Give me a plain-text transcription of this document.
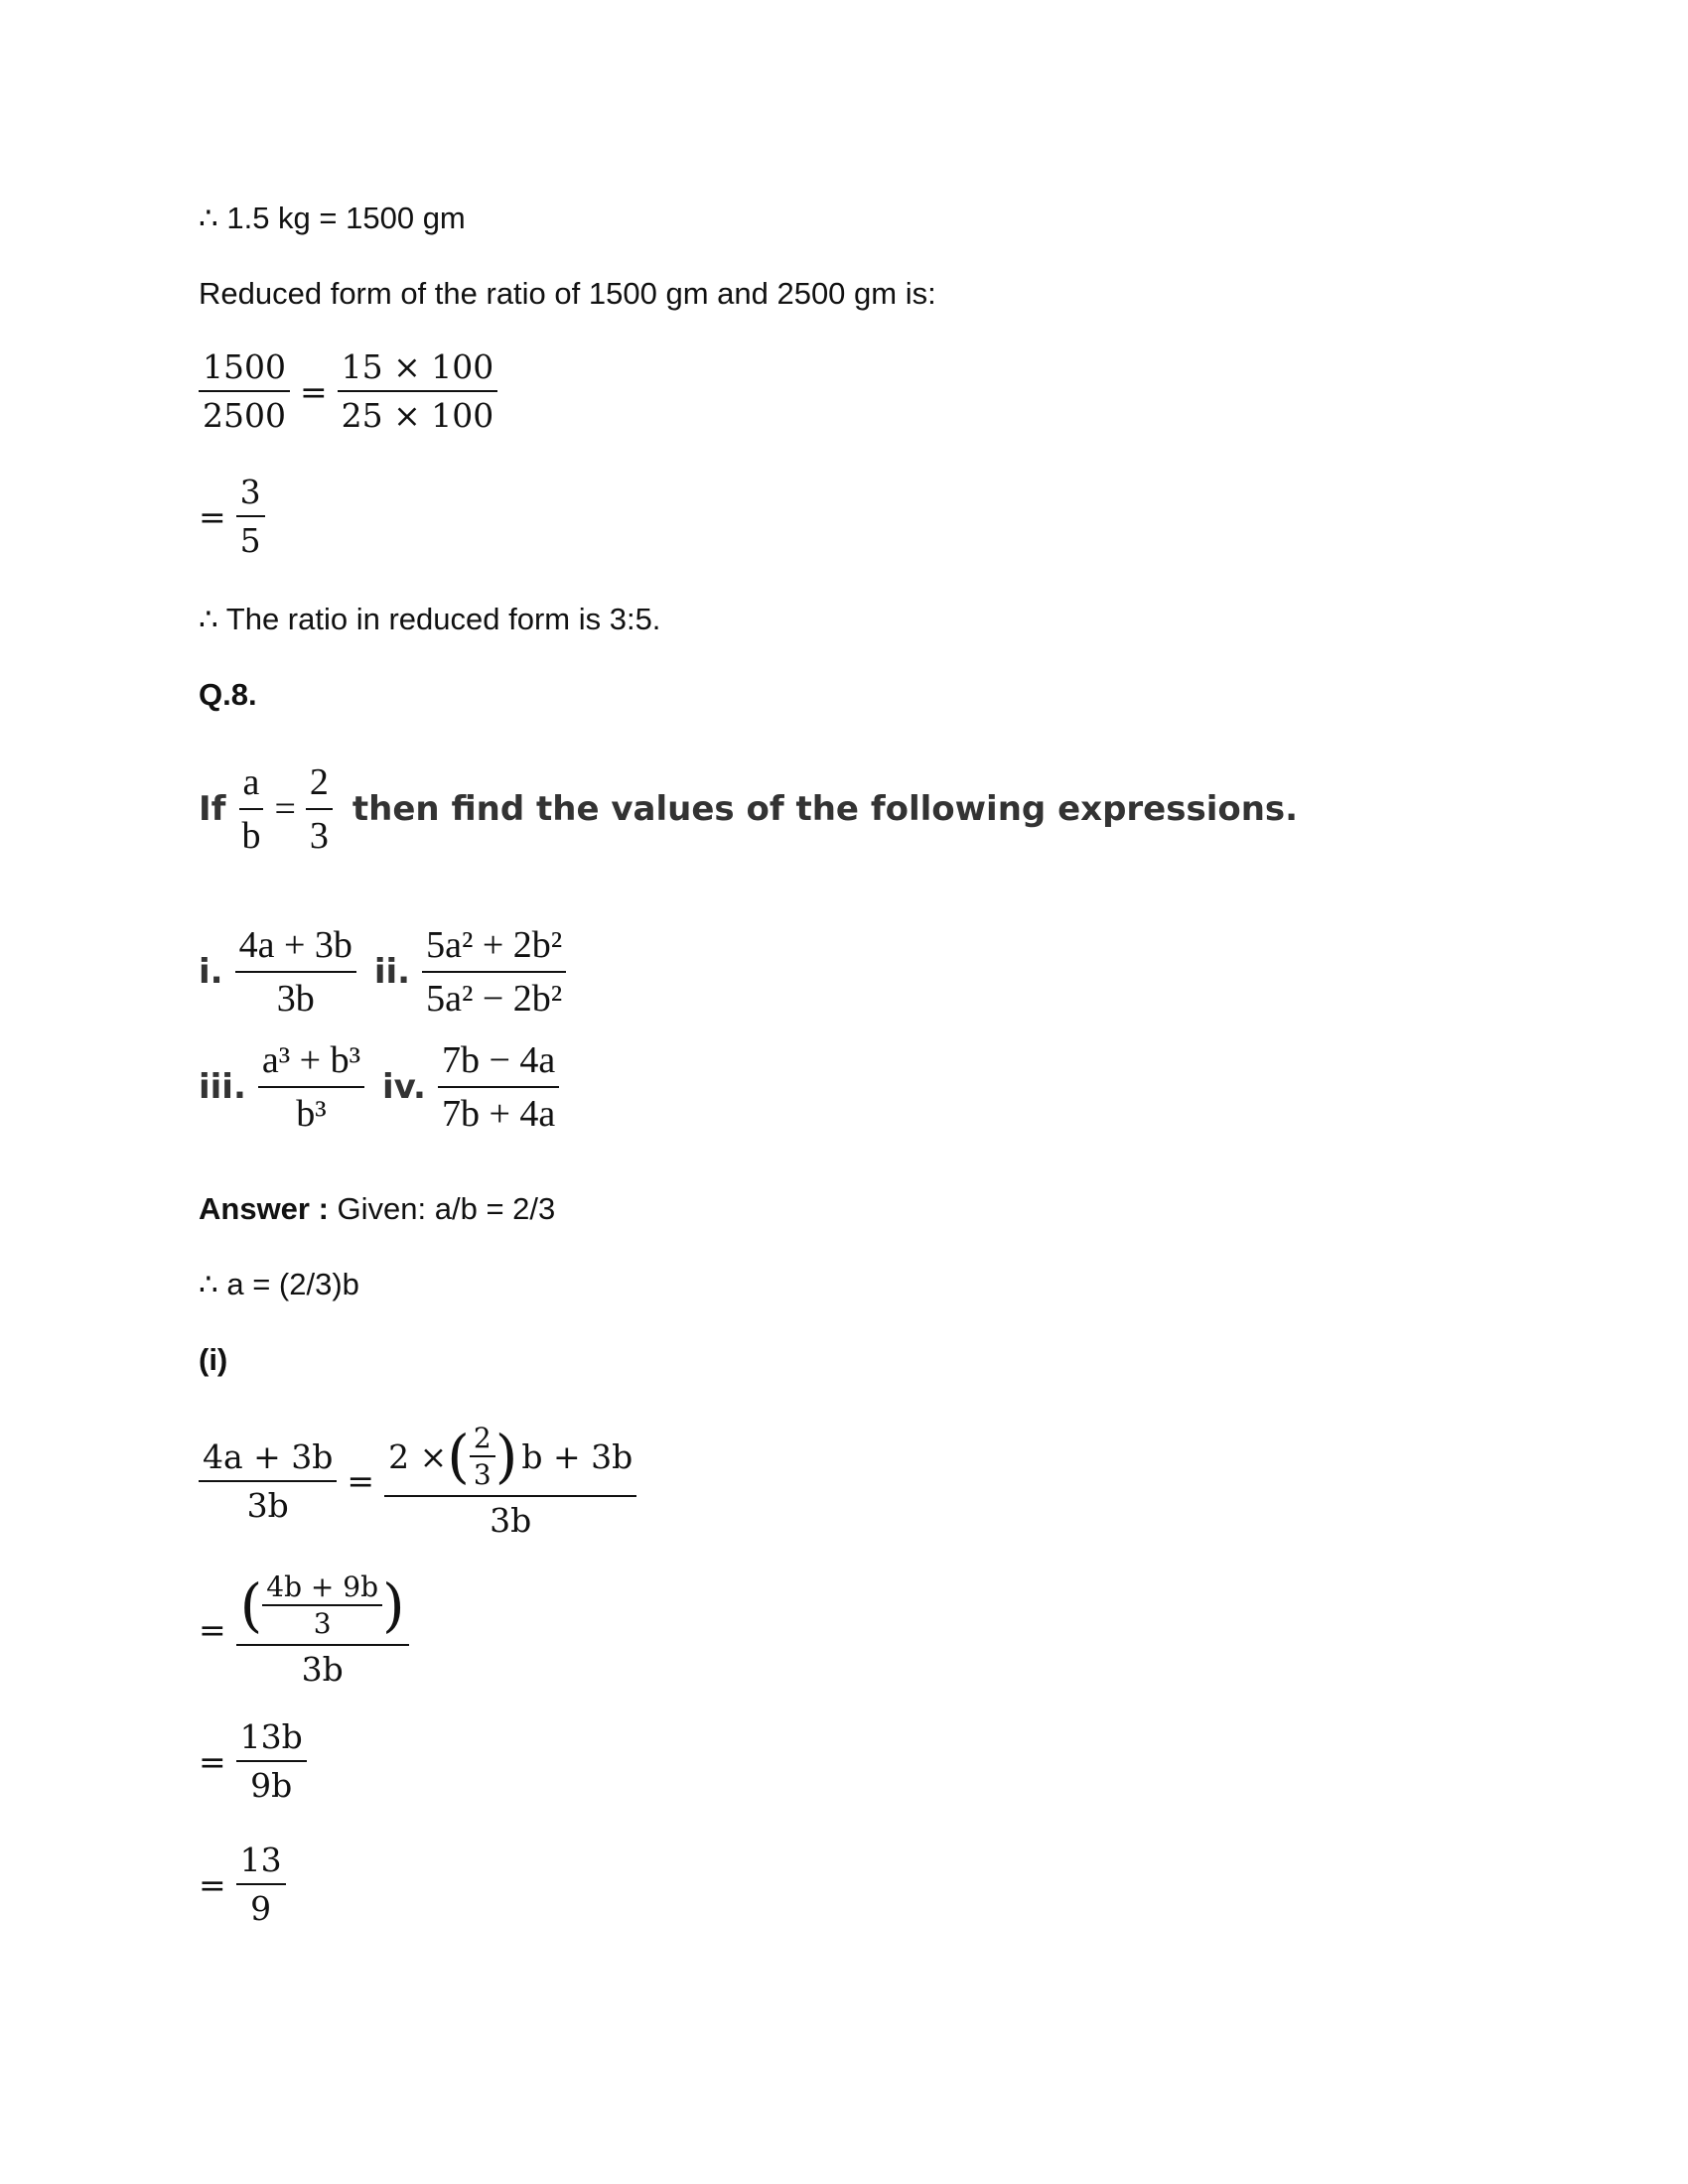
∴ 1.5 kg = 1500 gm
Reduced form of the ratio of 1500 gm and 2500 gm is:
$\frac{1500}{2500} = \frac{15 \times 100}{25 \times 100}$
= $\frac{3}{5}$
∴ The ratio in reduced form is 3:5.
Q.8.
If $\frac{a}{b} = \frac{2}{3}$ then find the values of the following expressions.
i. $\frac{4a + 3b}{3b}$ ii. $\frac{\text{5a² + 2b²}}{\text{5a² − 2b²}}$
iii. $\frac{\text{a³ + b³}}{\text{b³}}$ iv. $\frac{7b - 4a}{7b + 4a}$
Answer : Given: a/b = 2/3
∴ a = (2/3)b
(i)
$\frac{4a + 3b}{3b}$ =
2 × ( $\frac{2}{3}$ ) b + 3b
3b
= $\frac{( \frac{4b + 9b}{3} )}{3b}$
= $\frac{13b}{9b}$
= $\frac{13}{9}$
